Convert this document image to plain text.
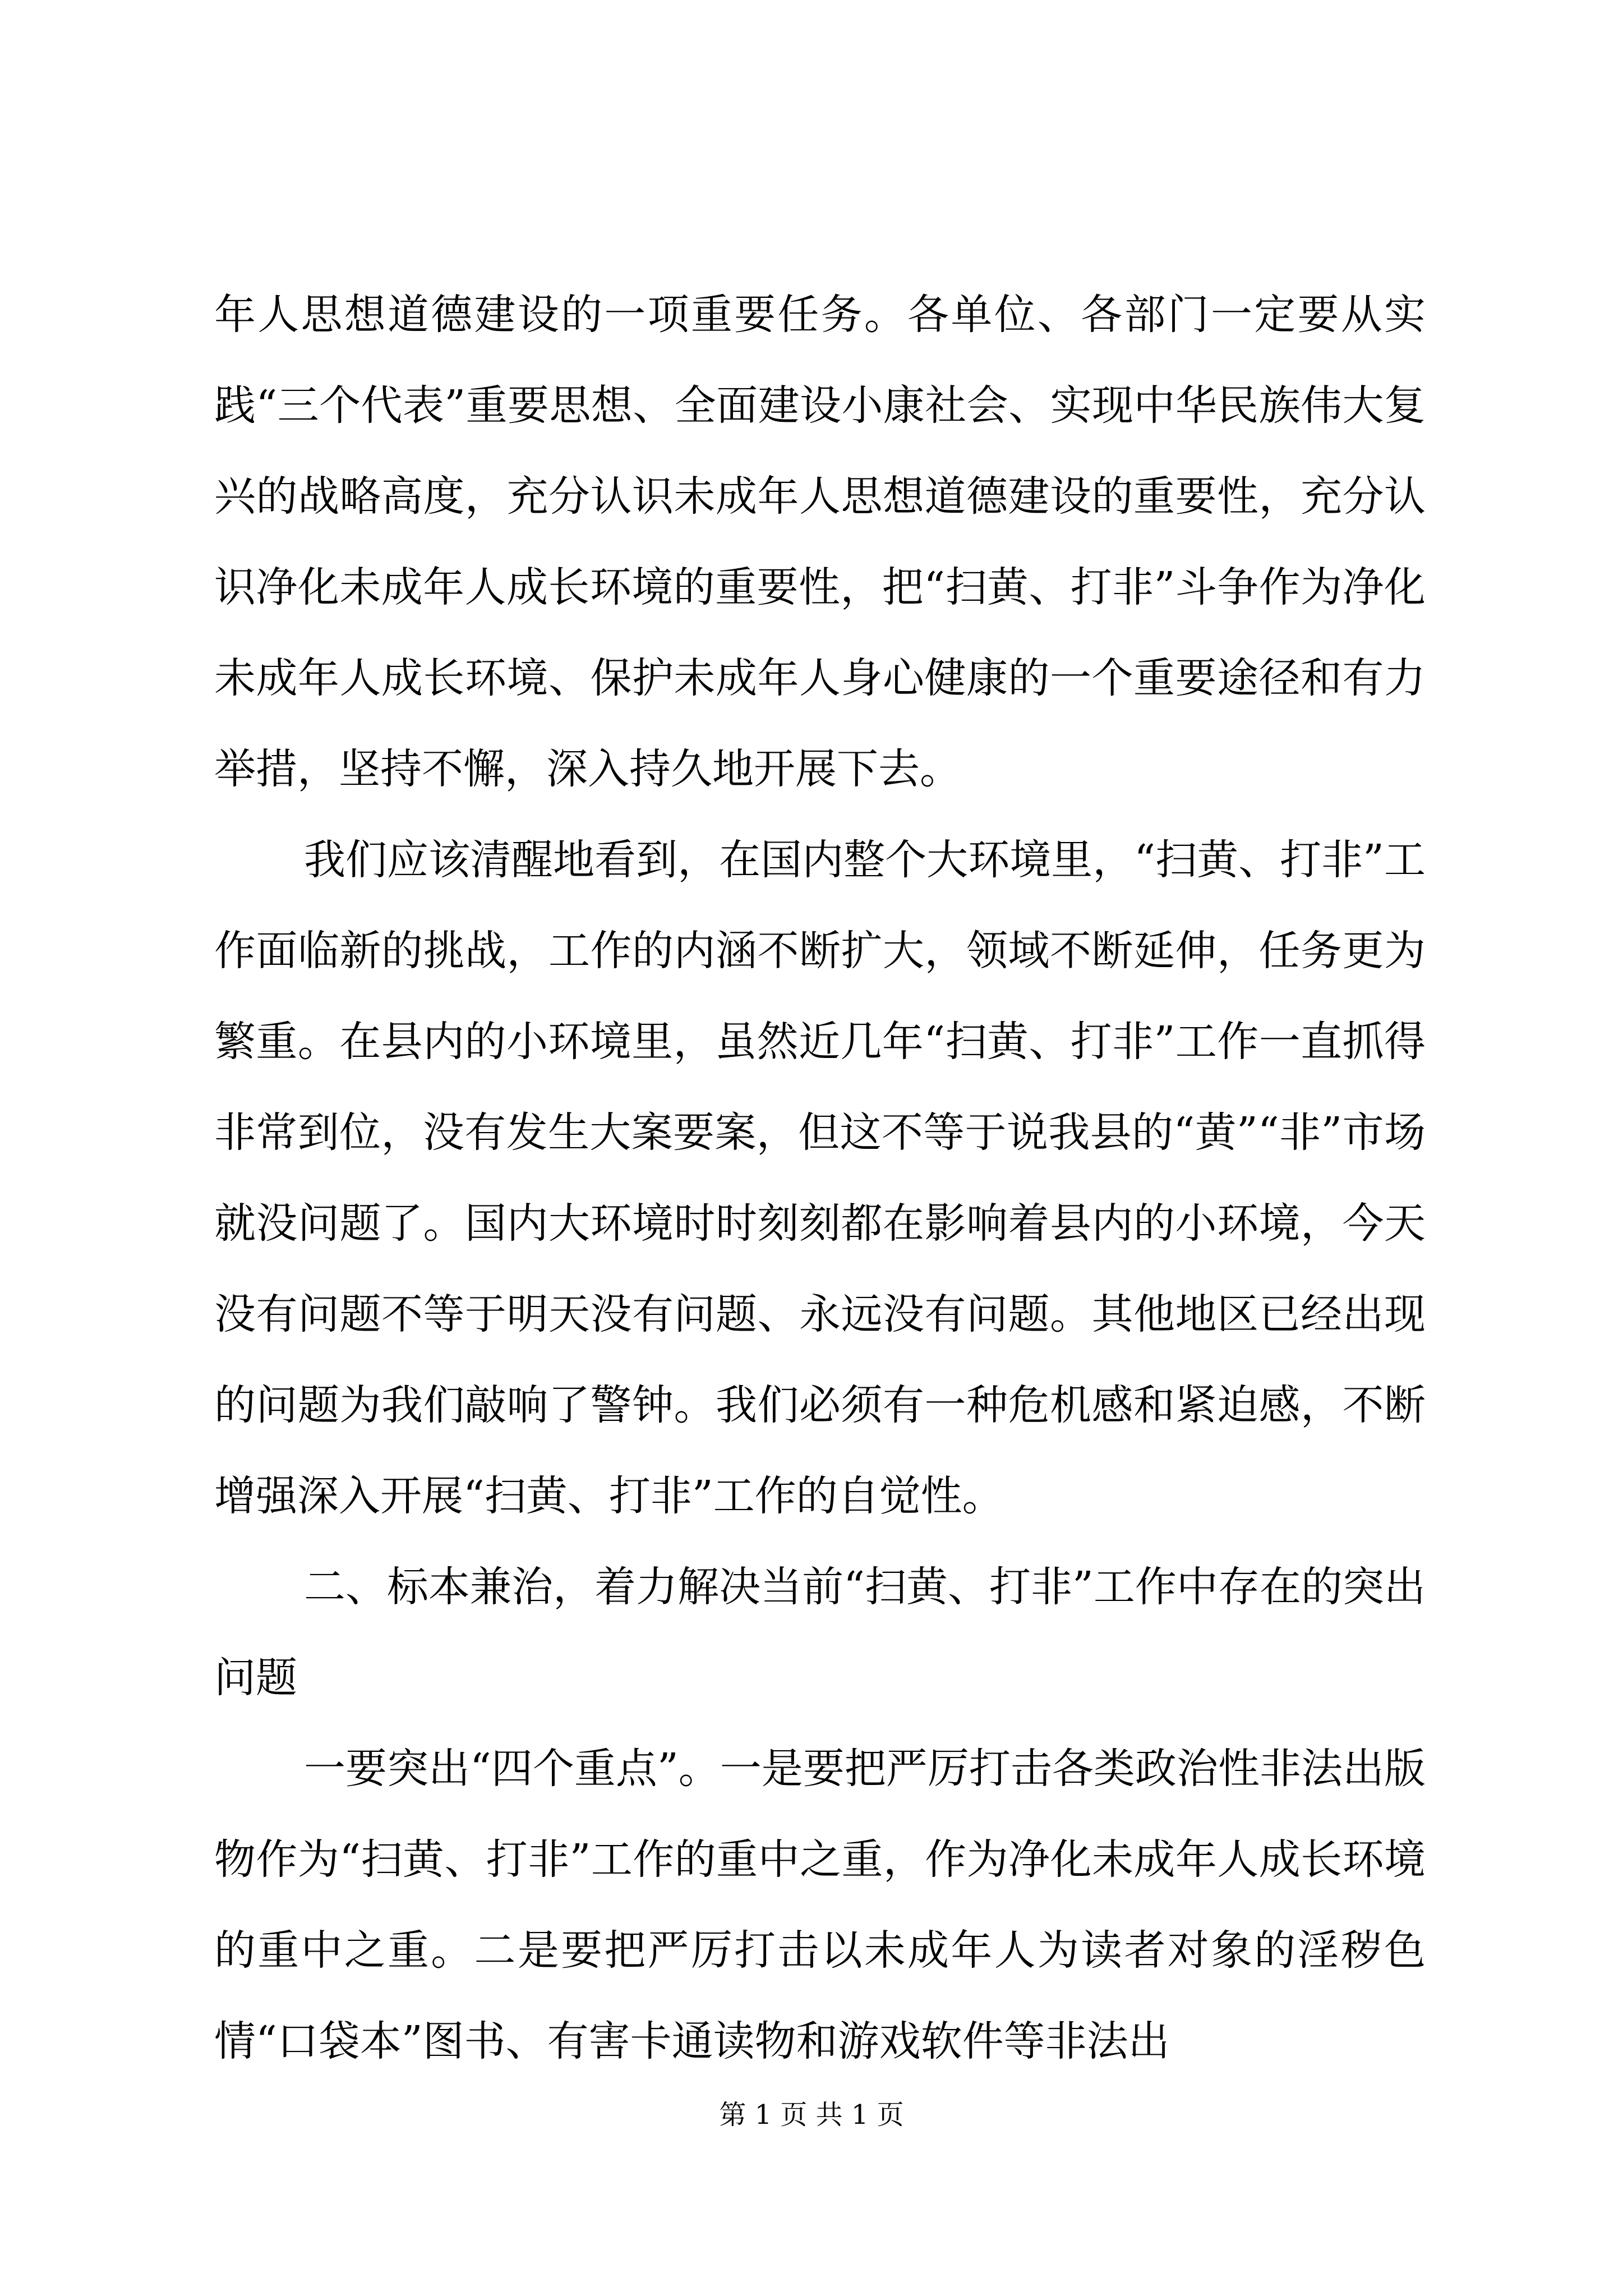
年人思想道德建设的一项重要任务。各单位、各部门一定要从实践“三个代表”重要思想、全面建设小康社会、实现中华民族伟大复兴的战略高度，充分认识未成年人思想道德建设的重要性，充分认识净化未成年人成长环境的重要性，把“扫黄、打非”斗争作为净化未成年人成长环境、保护未成年人身心健康的一个重要途径和有力举措，坚持不懈，深入持久地开展下去。

我们应该清醒地看到，在国内整个大环境里，“扫黄、打非”工作面临新的挑战，工作的内涵不断扩大，领域不断延伸，任务更为繁重。在县内的小环境里，虽然近几年“扫黄、打非”工作一直抓得非常到位，没有发生大案要案，但这不等于说我县的“黄”“非”市场就没问题了。国内大环境时时刻刻都在影响着县内的小环境，今天没有问题不等于明天没有问题、永远没有问题。其他地区已经出现的问题为我们敲响了警钟。我们必须有一种危机感和紧迫感，不断增强深入开展“扫黄、打非”工作的自觉性。

二、标本兼治，着力解决当前“扫黄、打非”工作中存在的突出问题

一要突出“四个重点”。一是要把严厉打击各类政治性非法出版物作为“扫黄、打非”工作的重中之重，作为净化未成年人成长环境的重中之重。二是要把严厉打击以未成年人为读者对象的淫秽色情“口袋本”图书、有害卡通读物和游戏软件等非法出

第 1 页 共 1 页
